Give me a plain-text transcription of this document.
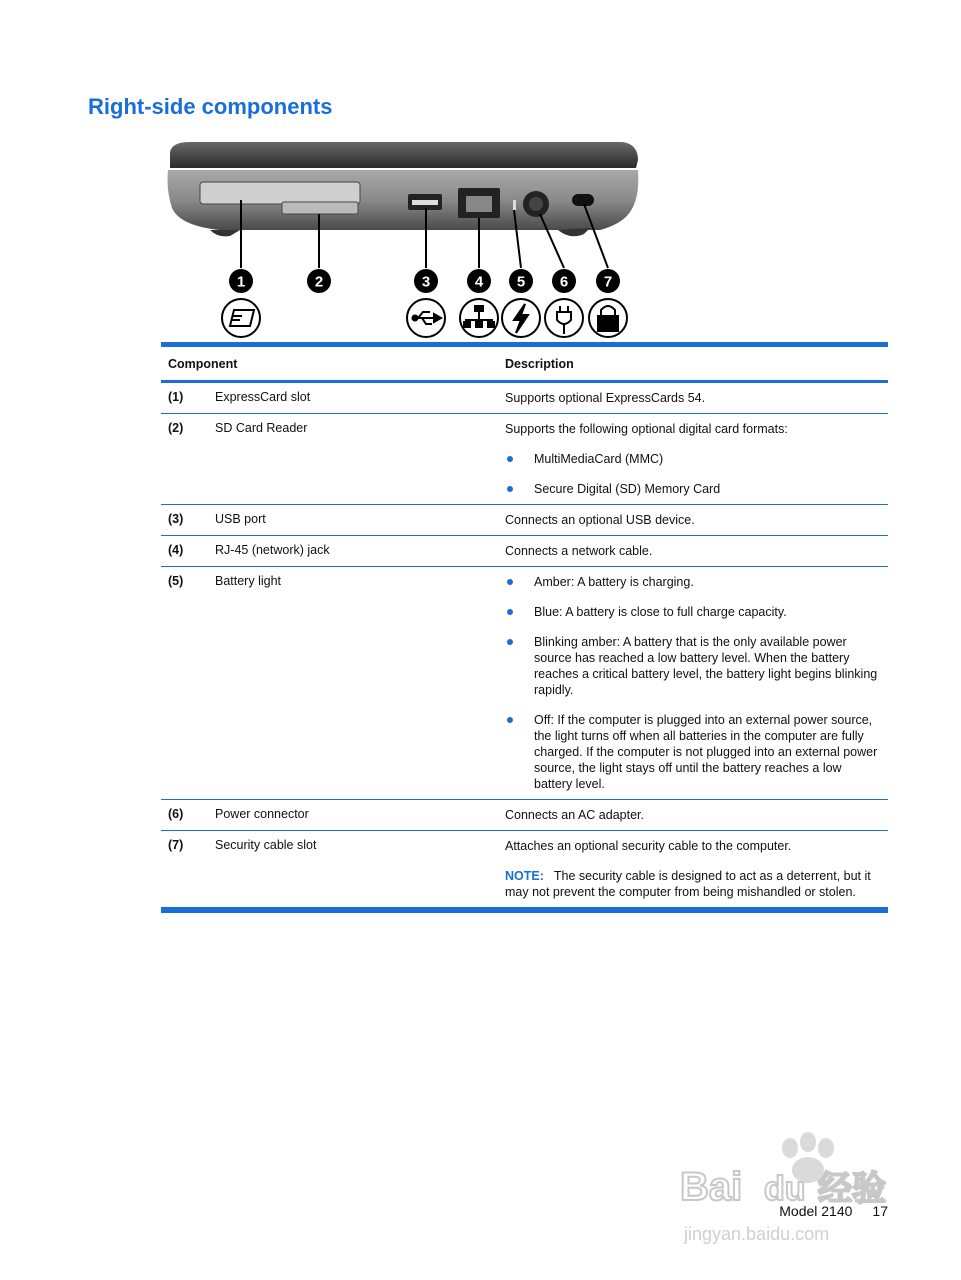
Right-side components
1	2	3	4 5 6 7
Component	Description
(1)	ExpressCard slot	Supports optional ExpressCards 54.

(2)	SD Card Reader	Supports the following optional digital card formats:

MultiMediaCard (MMC)
Secure Digital (SD) Memory Card
(3)	USB port	Connects an optional USB device.

(4)	RJ-45 (network) jack	Connects a network cable.

(5)	Battery light	Amber: A battery is charging.
Blue: A battery is close to full charge capacity.
Blinking amber: A battery that is the only available power source has reached a low battery level. When the battery reaches a critical battery level, the battery light begins blinking rapidly.
Off: If the computer is plugged into an external power source, the light turns off when all batteries in the computer are fully charged. If the computer is not plugged into an external power source, the light stays off until the battery reaches a low battery level.
(6)	Power connector	Connects an AC adapter.

(7)	Security cable slot	Attaches an optional security cable to the computer.

NOTE: The security cable is designed to act as a deterrent, but it may not prevent the computer from being mishandled or stolen.

Bai du 经验
jingyan.baidu.com
Model 2140 17
